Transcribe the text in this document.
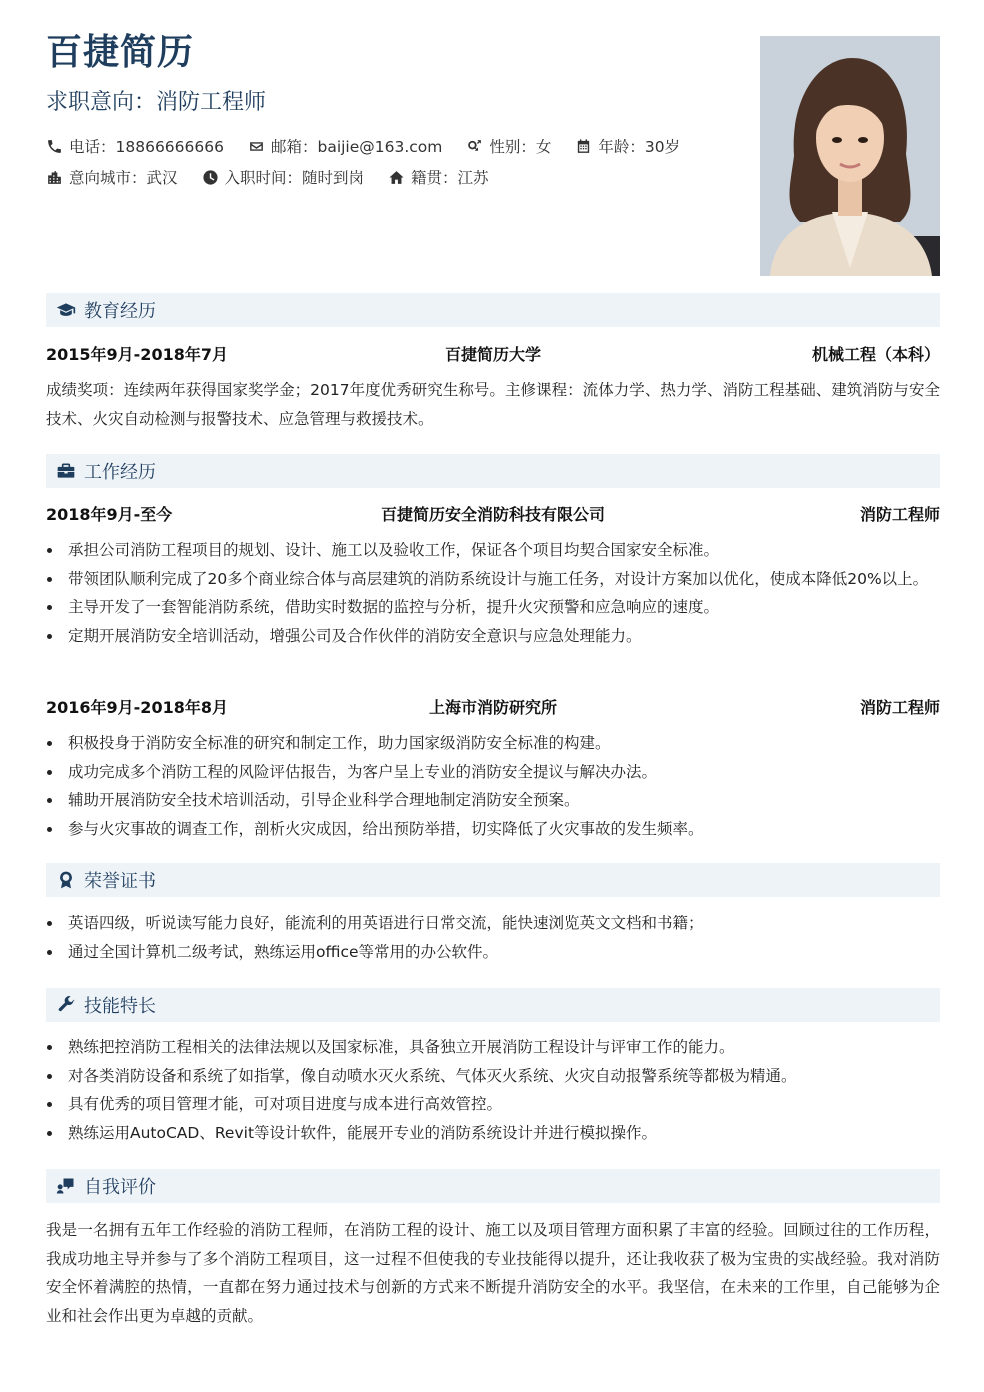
百捷简历
求职意向：消防工程师
电话：18866666666	邮箱：baijie@163.com	性别：女	年龄：30岁
意向城市：武汉	入职时间：随时到岗	籍贯：江苏
教育经历
2015年9月-2018年7月	百捷简历大学	机械工程（本科）
成绩奖项：连续两年获得国家奖学金；2017年度优秀研究生称号。主修课程：流体力学、热力学、消防工程基础、建筑消防与安全技术、火灾自动检测与报警技术、应急管理与救援技术。
工作经历
2018年9月-至今	百捷简历安全消防科技有限公司	消防工程师
承担公司消防工程项目的规划、设计、施工以及验收工作，保证各个项目均契合国家安全标准。
带领团队顺利完成了20多个商业综合体与高层建筑的消防系统设计与施工任务，对设计方案加以优化，使成本降低20%以上。
主导开发了一套智能消防系统，借助实时数据的监控与分析，提升火灾预警和应急响应的速度。
定期开展消防安全培训活动，增强公司及合作伙伴的消防安全意识与应急处理能力。
2016年9月-2018年8月	上海市消防研究所	消防工程师
积极投身于消防安全标准的研究和制定工作，助力国家级消防安全标准的构建。
成功完成多个消防工程的风险评估报告，为客户呈上专业的消防安全提议与解决办法。
辅助开展消防安全技术培训活动，引导企业科学合理地制定消防安全预案。
参与火灾事故的调查工作，剖析火灾成因，给出预防举措，切实降低了火灾事故的发生频率。
荣誉证书
英语四级，听说读写能力良好，能流利的用英语进行日常交流，能快速浏览英文文档和书籍；
通过全国计算机二级考试，熟练运用office等常用的办公软件。
技能特长
熟练把控消防工程相关的法律法规以及国家标准，具备独立开展消防工程设计与评审工作的能力。
对各类消防设备和系统了如指掌，像自动喷水灭火系统、气体灭火系统、火灾自动报警系统等都极为精通。
具有优秀的项目管理才能，可对项目进度与成本进行高效管控。
熟练运用AutoCAD、Revit等设计软件，能展开专业的消防系统设计并进行模拟操作。
自我评价
我是一名拥有五年工作经验的消防工程师，在消防工程的设计、施工以及项目管理方面积累了丰富的经验。回顾过往的工作历程，我成功地主导并参与了多个消防工程项目，这一过程不但使我的专业技能得以提升，还让我收获了极为宝贵的实战经验。我对消防安全怀着满腔的热情，一直都在努力通过技术与创新的方式来不断提升消防安全的水平。我坚信，在未来的工作里，自己能够为企业和社会作出更为卓越的贡献。
